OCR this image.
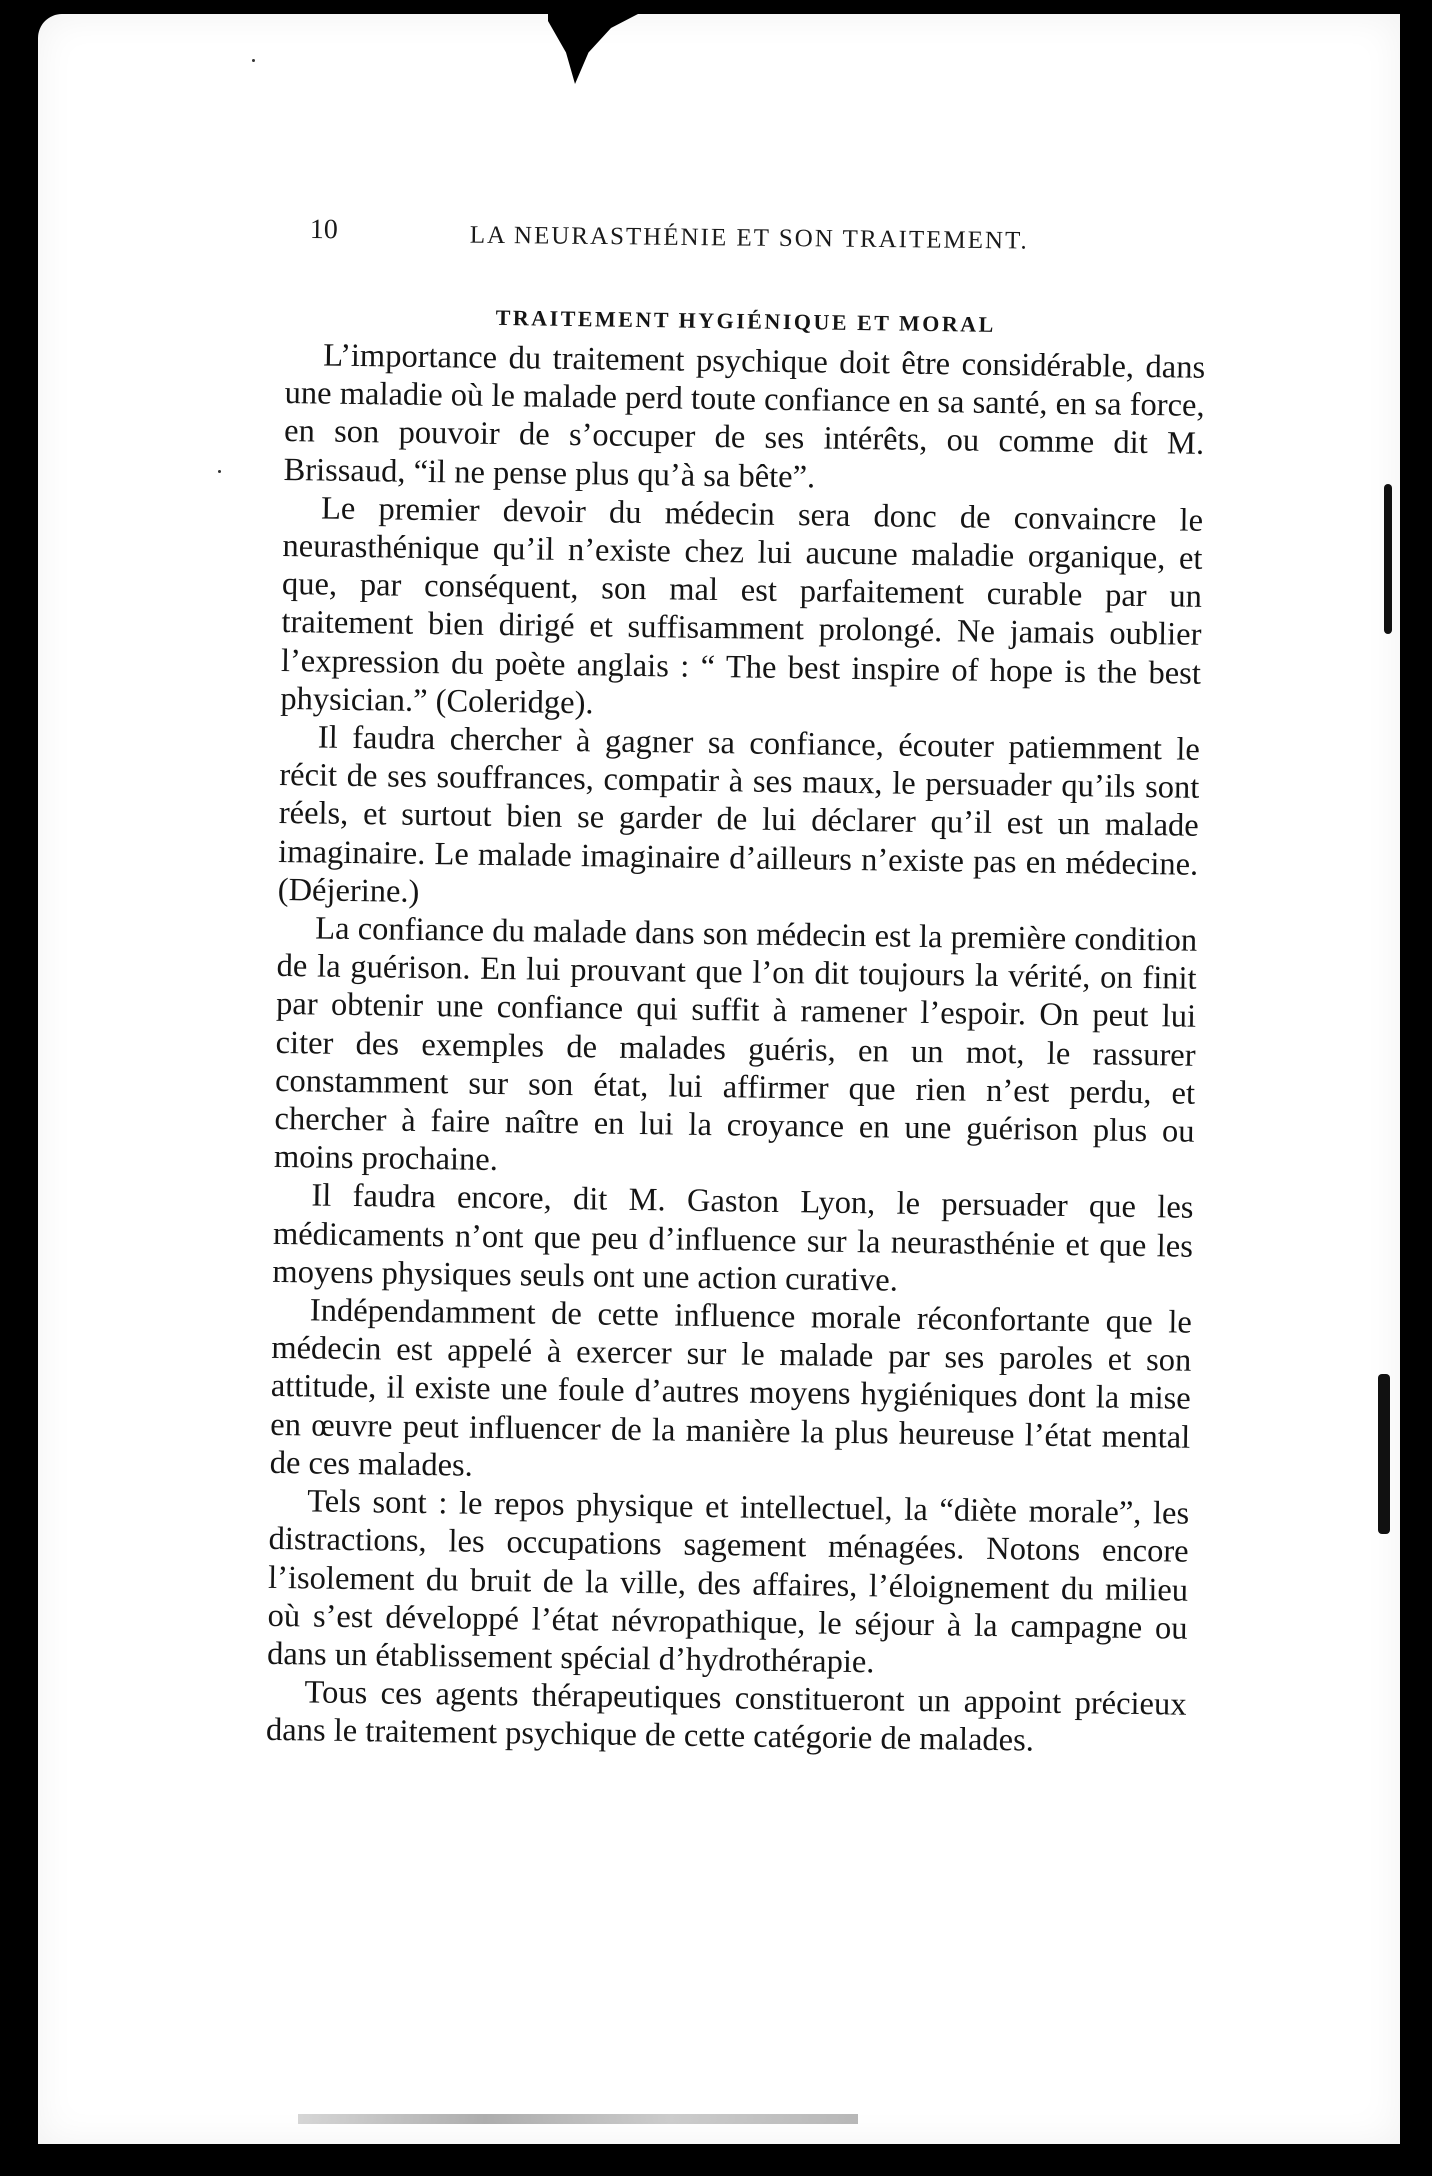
10	LA NEURASTHÉNIE ET SON TRAITEMENT.
TRAITEMENT HYGIÉNIQUE ET MORAL

L’importance du traitement psychique doit être considérable, dans une maladie où le malade perd toute confiance en sa santé, en sa force, en son pouvoir de s’occuper de ses intérêts, ou comme dit M. Brissaud, “il ne pense plus qu’à sa bête”.

Le premier devoir du médecin sera donc de convaincre le neurasthénique qu’il n’existe chez lui aucune maladie organique, et que, par conséquent, son mal est parfaitement curable par un traitement bien dirigé et suffisamment prolongé. Ne jamais oublier l’expression du poète anglais : “ The best inspire of hope is the best physician.” (Coleridge).

Il faudra chercher à gagner sa confiance, écouter patiemment le récit de ses souffrances, compatir à ses maux, le persuader qu’ils sont réels, et surtout bien se garder de lui déclarer qu’il est un malade imaginaire. Le malade imaginaire d’ailleurs n’existe pas en médecine. (Déjerine.)

La confiance du malade dans son médecin est la première condition de la guérison. En lui prouvant que l’on dit toujours la vérité, on finit par obtenir une confiance qui suffit à ramener l’espoir. On peut lui citer des exemples de malades guéris, en un mot, le rassurer constamment sur son état, lui affirmer que rien n’est perdu, et chercher à faire naître en lui la croyance en une guérison plus ou moins prochaine.

Il faudra encore, dit M. Gaston Lyon, le persuader que les médicaments n’ont que peu d’influence sur la neurasthénie et que les moyens physiques seuls ont une action curative.

Indépendamment de cette influence morale réconfortante que le médecin est appelé à exercer sur le malade par ses paroles et son attitude, il existe une foule d’autres moyens hygiéniques dont la mise en œuvre peut influencer de la manière la plus heureuse l’état mental de ces malades.

Tels sont : le repos physique et intellectuel, la “diète morale”, les distractions, les occupations sagement ménagées. Notons encore l’isolement du bruit de la ville, des affaires, l’éloignement du milieu où s’est développé l’état névropathique, le séjour à la campagne ou dans un établissement spécial d’hydrothérapie.

Tous ces agents thérapeutiques constitueront un appoint précieux dans le traitement psychique de cette catégorie de malades.
